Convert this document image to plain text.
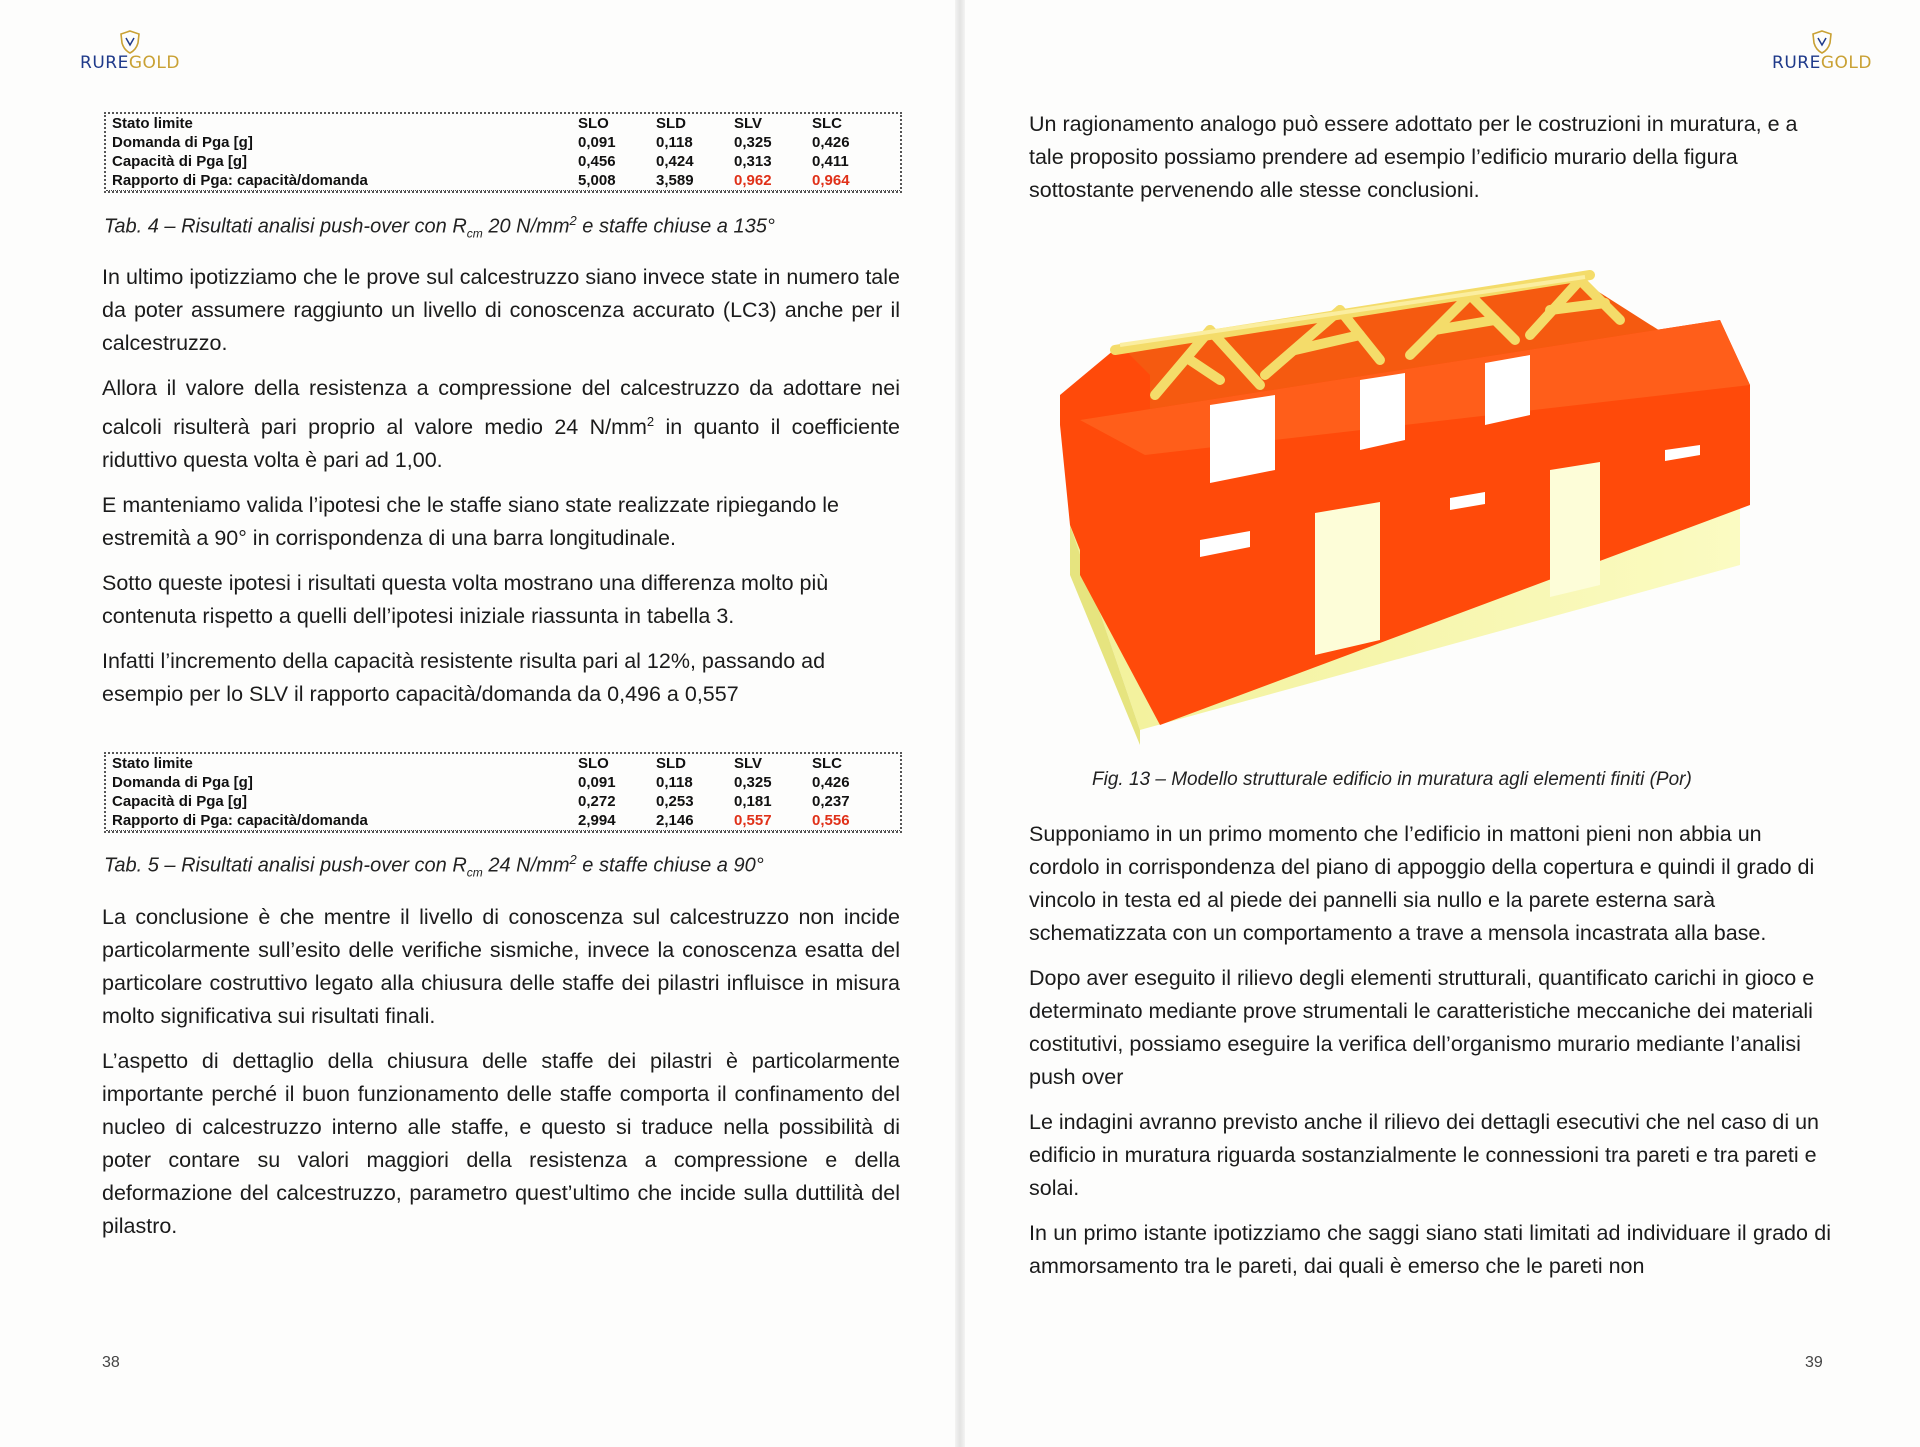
RUREGOLD
Stato limite	SLO	SLD	SLV	SLC
Domanda di Pga [g]	0,091	0,118	0,325	0,426
Capacità di Pga [g]	0,456	0,424	0,313	0,411
Rapporto di Pga: capacità/domanda	5,008	3,589	0,962	0,964
Tab. 4 – Risultati analisi push-over con $R_{cm}$ 20 $N/mm^2$ e staffe chiuse a 135°

In ultimo ipotizziamo che le prove sul calcestruzzo siano invece state in numero tale da poter assumere raggiunto un livello di conoscenza accurato (LC3) anche per il calcestruzzo.

Allora il valore della resistenza a compressione del calcestruzzo da adottare nei calcoli risulterà pari proprio al valore medio 24 $N/mm^2$ in quanto il coefficiente riduttivo questa volta è pari ad 1,00.

E manteniamo valida l’ipotesi che le staffe siano state realizzate ripiegando le estremità a 90° in corrispondenza di una barra longitudinale.

Sotto queste ipotesi i risultati questa volta mostrano una differenza molto più contenuta rispetto a quelli dell’ipotesi iniziale riassunta in tabella 3.

Infatti l’incremento della capacità resistente risulta pari al 12%, passando ad esempio per lo SLV il rapporto capacità/domanda da 0,496 a 0,557

Stato limite	SLO	SLD	SLV	SLC
Domanda di Pga [g]	0,091	0,118	0,325	0,426
Capacità di Pga [g]	0,272	0,253	0,181	0,237
Rapporto di Pga: capacità/domanda	2,994	2,146	0,557	0,556
Tab. 5 – Risultati analisi push-over con $R_{cm}$ 24 $N/mm^2$ e staffe chiuse a 90°

La conclusione è che mentre il livello di conoscenza sul calcestruzzo non incide particolarmente sull’esito delle verifiche sismiche, invece la conoscenza esatta del particolare costruttivo legato alla chiusura delle staffe dei pilastri influisce in misura molto significativa sui risultati finali.

L’aspetto di dettaglio della chiusura delle staffe dei pilastri è particolarmente importante perché il buon funzionamento delle staffe comporta il confinamento del nucleo di calcestruzzo interno alle staffe, e questo si traduce nella possibilità di poter contare su valori maggiori della resistenza a compressione e della deformazione del calcestruzzo, parametro quest’ultimo che incide sulla duttilità del pilastro.

38
RUREGOLD

Un ragionamento analogo può essere adottato per le costruzioni in muratura, e a tale proposito possiamo prendere ad esempio l’edificio murario della figura sottostante pervenendo alle stesse conclusioni.

Fig. 13 – Modello strutturale edificio in muratura agli elementi finiti (Por)

Supponiamo in un primo momento che l’edificio in mattoni pieni non abbia un cordolo in corrispondenza del piano di appoggio della copertura e quindi il grado di vincolo in testa ed al piede dei pannelli sia nullo e la parete esterna sarà schematizzata con un comportamento a trave a mensola incastrata alla base.

Dopo aver eseguito il rilievo degli elementi strutturali, quantificato carichi in gioco e determinato mediante prove strumentali le caratteristiche meccaniche dei materiali costitutivi, possiamo eseguire la verifica dell’organismo murario mediante l’analisi push over

Le indagini avranno previsto anche il rilievo dei dettagli esecutivi che nel caso di un edificio in muratura riguarda sostanzialmente le connessioni tra pareti e tra pareti e solai.

In un primo istante ipotizziamo che saggi siano stati limitati ad individuare il grado di ammorsamento tra le pareti, dai quali è emerso che le pareti non

39
